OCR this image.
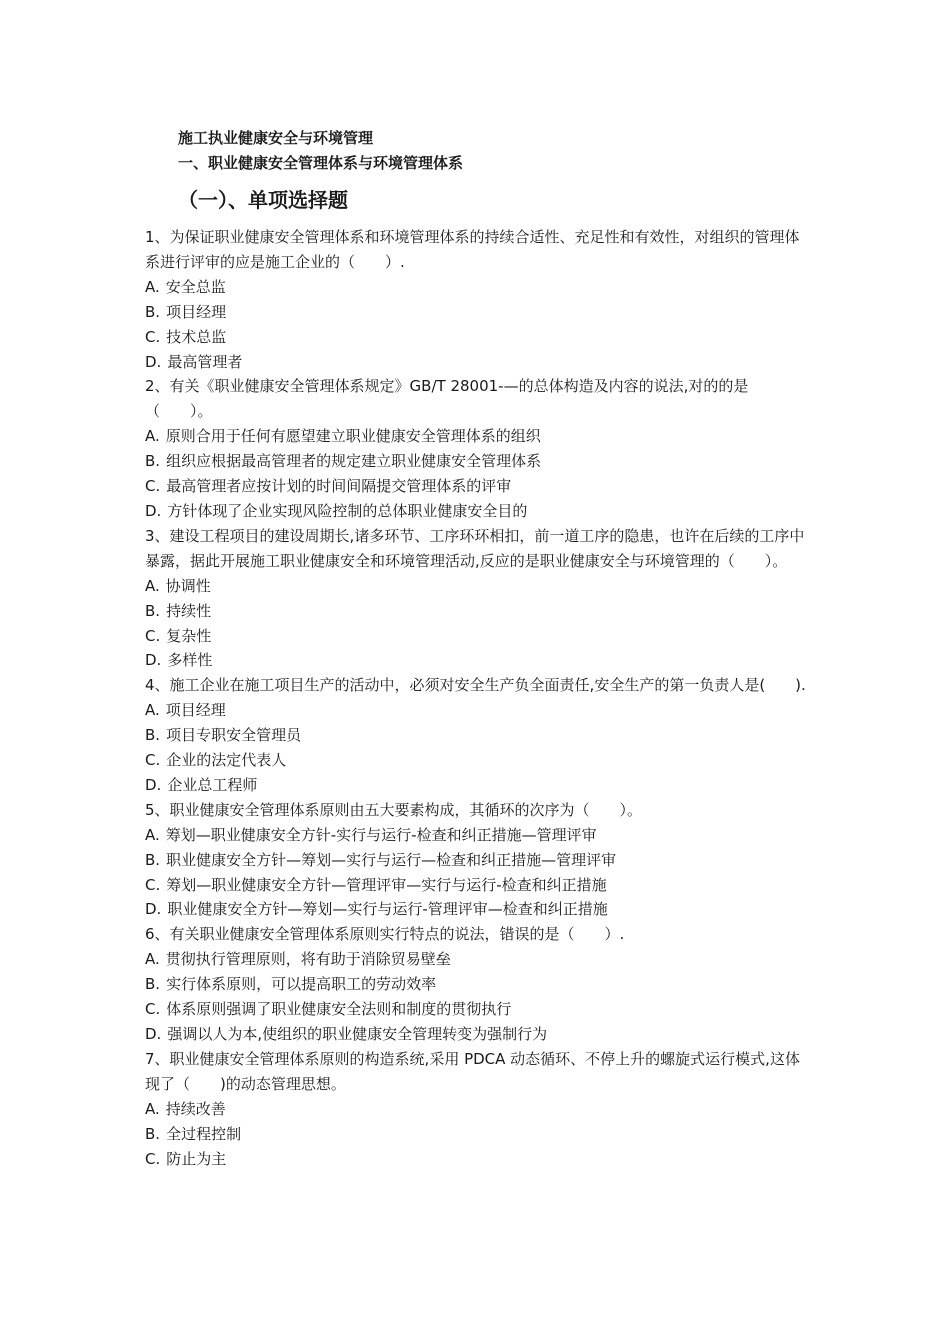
施工执业健康安全与环境管理

一、职业健康安全管理体系与环境管理体系

（一）、单项选择题

1、为保证职业健康安全管理体系和环境管理体系的持续合适性、充足性和有效性，对组织的管理体系进行评审的应是施工企业的（　　）.

A. 安全总监

B. 项目经理

C. 技术总监

D. 最高管理者

2、有关《职业健康安全管理体系规定》GB/T 28001-—的总体构造及内容的说法,对的的是（　　）。

A. 原则合用于任何有愿望建立职业健康安全管理体系的组织

B. 组织应根据最高管理者的规定建立职业健康安全管理体系

C. 最高管理者应按计划的时间间隔提交管理体系的评审

D. 方针体现了企业实现风险控制的总体职业健康安全目的

3、建设工程项目的建设周期长,诸多环节、工序环环相扣，前一道工序的隐患，也许在后续的工序中暴露，据此开展施工职业健康安全和环境管理活动,反应的是职业健康安全与环境管理的（　　）。

A. 协调性

B. 持续性

C. 复杂性

D. 多样性

4、施工企业在施工项目生产的活动中，必须对安全生产负全面责任,安全生产的第一负责人是(　　).

A. 项目经理

B. 项目专职安全管理员

C. 企业的法定代表人

D. 企业总工程师

5、职业健康安全管理体系原则由五大要素构成，其循环的次序为（　　）。

A. 筹划—职业健康安全方针-实行与运行-检查和纠正措施—管理评审

B. 职业健康安全方针—筹划—实行与运行—检查和纠正措施—管理评审

C. 筹划—职业健康安全方针—管理评审—实行与运行-检查和纠正措施

D. 职业健康安全方针—筹划—实行与运行-管理评审—检查和纠正措施

6、有关职业健康安全管理体系原则实行特点的说法，错误的是（　　）.

A. 贯彻执行管理原则，将有助于消除贸易壁垒

B. 实行体系原则，可以提高职工的劳动效率

C. 体系原则强调了职业健康安全法则和制度的贯彻执行

D. 强调以人为本,使组织的职业健康安全管理转变为强制行为

7、职业健康安全管理体系原则的构造系统,采用 PDCA 动态循环、不停上升的螺旋式运行模式,这体现了（　　)的动态管理思想。

A. 持续改善

B. 全过程控制

C. 防止为主
